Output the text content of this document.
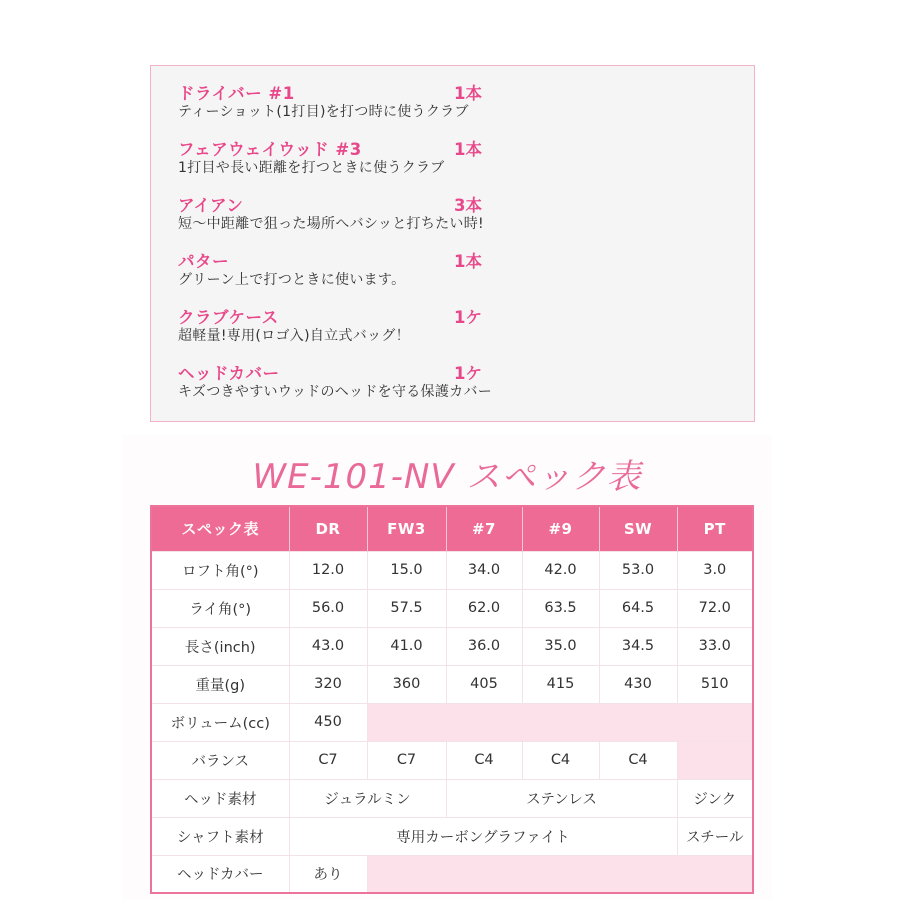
ドライバー #1	1本
ティーショット(1打目)を打つ時に使うクラブ
フェアウェイウッド #3	1本
1打目や長い距離を打つときに使うクラブ
アイアン	3本
短～中距離で狙った場所へバシッと打ちたい時!
パター	1本
グリーン上で打つときに使います。
クラブケース	1ケ
超軽量!専用(ロゴ入)自立式バッグ！
ヘッドカバー	1ケ
キズつきやすいウッドのヘッドを守る保護カバー
WE-101-NV スペック表
スペック表	DR	FW3	#7	#9	SW	PT
ロフト角(°)	12.0	15.0	34.0	42.0	53.0	3.0
ライ角(°)	56.0	57.5	62.0	63.5	64.5	72.0
長さ(inch)	43.0	41.0	36.0	35.0	34.5	33.0
重量(g)	320	360	405	415	430	510
ボリューム(cc)	450					
バランス	C7	C7	C4	C4	C4	
ヘッド素材	ジュラルミン		ステンレス			ジンク
シャフト素材	専用カーボングラファイト					スチール
ヘッドカバー	あり					
